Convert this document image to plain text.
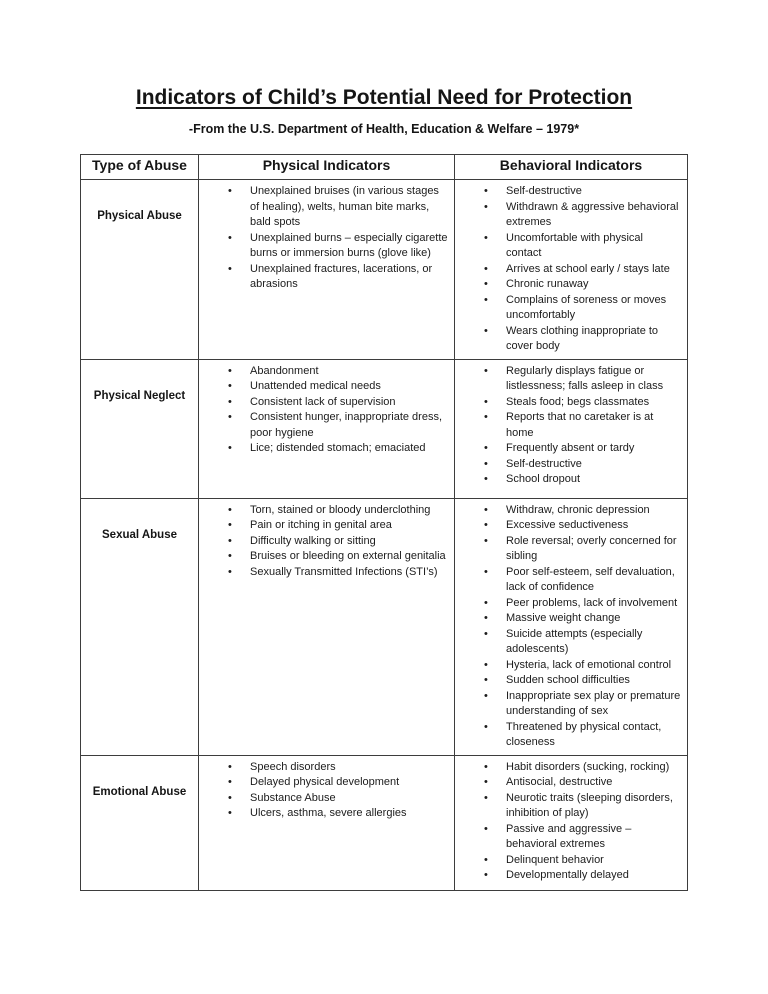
Indicators of Child’s Potential Need for Protection
-From the U.S. Department of Health, Education & Welfare – 1979*
Type of Abuse	Physical Indicators	Behavioral Indicators
Physical Abuse	
• Unexplained bruises (in various stages of healing), welts, human bite marks, bald spots
• Unexplained burns – especially cigarette burns or immersion burns (glove like)
• Unexplained fractures, lacerations, or abrasions

• Self-destructive
• Withdrawn & aggressive behavioral extremes
• Uncomfortable with physical contact
• Arrives at school early / stays late
• Chronic runaway
• Complains of soreness or moves uncomfortably
• Wears clothing inappropriate to cover body

Physical Neglect	
• Abandonment
• Unattended medical needs
• Consistent lack of supervision
• Consistent hunger, inappropriate dress, poor hygiene
• Lice; distended stomach; emaciated

• Regularly displays fatigue or listlessness; falls asleep in class
• Steals food; begs classmates
• Reports that no caretaker is at home
• Frequently absent or tardy
• Self-destructive
• School dropout

Sexual Abuse	
• Torn, stained or bloody underclothing
• Pain or itching in genital area
• Difficulty walking or sitting
• Bruises or bleeding on external genitalia
• Sexually Transmitted Infections (STI’s)

• Withdraw, chronic depression
• Excessive seductiveness
• Role reversal; overly concerned for sibling
• Poor self-esteem, self devaluation, lack of confidence
• Peer problems, lack of involvement
• Massive weight change
• Suicide attempts (especially adolescents)
• Hysteria, lack of emotional control
• Sudden school difficulties
• Inappropriate sex play or premature understanding of sex
• Threatened by physical contact, closeness

Emotional Abuse	
• Speech disorders
• Delayed physical development
• Substance Abuse
• Ulcers, asthma, severe allergies

• Habit disorders (sucking, rocking)
• Antisocial, destructive
• Neurotic traits (sleeping disorders, inhibition of play)
• Passive and aggressive – behavioral extremes
• Delinquent behavior
• Developmentally delayed
